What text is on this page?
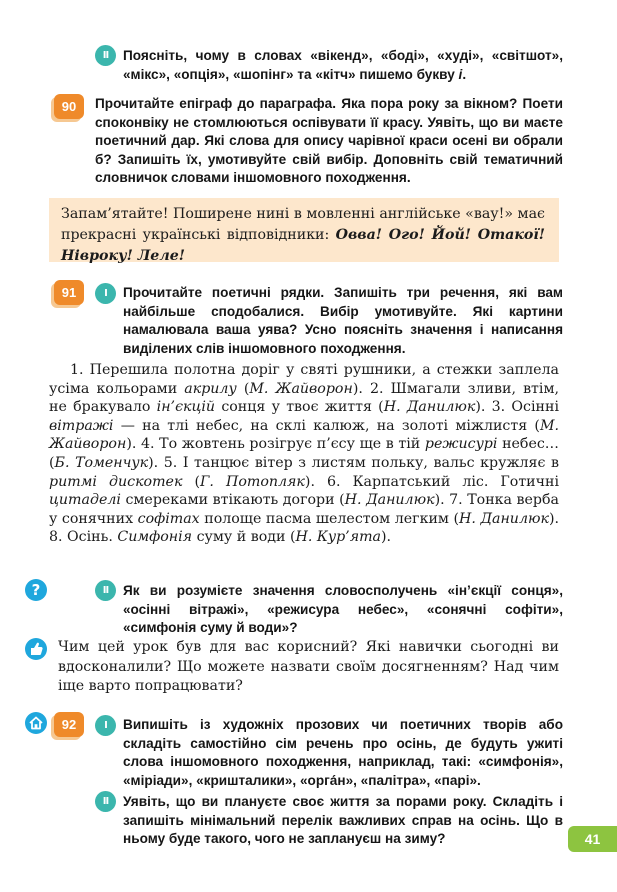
II	Поясніть, чому в словах «вікенд», «боді», «худі», «світшот», «мікс», «опція», «шопінг» та «кітч» пишемо букву і.
90	Прочитайте епіграф до параграфа. Яка пора року за вікном? Поети споконвіку не стомлюються оспівувати її красу. Уявіть, що ви маєте поетичний дар. Які слова для опису чарівної краси осені ви обрали б? Запишіть їх, умотивуйте свій вибір. Доповніть свій тематичний словничок словами іншомовного походження.
Запам’ятайте! Поширене нині в мовленні англійське «вау!» має прекрасні українські відповідники: Овва! Ого! Йой! Отакої! Нівроку! Леле!
91	I	Прочитайте поетичні рядки. Запишіть три речення, які вам найбільше сподобалися. Вибір умотивуйте. Які картини намалювала ваша уява? Усно поясніть значення і написання виділених слів іншомовного походження.
1. Перешила полотна доріг у святі рушники, а стежки заплела усіма кольорами акрилу (М. Жайворон). 2. Шмагали зливи, втім, не бракувало ін’єкцій сонця у твоє життя (Н. Данилюк). 3. Осінні вітражі — на тлі небес, на склі калюж, на золоті міжлистя (М. Жайворон). 4. То жовтень розігрує п’єсу ще в тій режисурі небес… (Б. Томенчук). 5. І танцює вітер з листям польку, вальс кружляє в ритмі дискотек (Г. Потопляк). 6. Карпатський ліс. Готичні цитаделі смереками втікають догори (Н. Данилюк). 7. Тонка верба у сонячних софітах полоще пасма шелестом легким (Н. Данилюк). 8. Осінь. Симфонія суму й води (Н. Кур’ята).
?	II	Як ви розумієте значення словосполучень «ін’єкції сонця», «осінні вітражі», «режисура небес», «сонячні софіти», «симфонія суму й води»?
Чим цей урок був для вас корисний? Які навички сьогодні ви вдосконалили? Що можете назвати своїм досягненням? Над чим іще варто попрацювати?
92	I	Випишіть із художніх прозових чи поетичних творів або складіть самостійно сім речень про осінь, де будуть ужиті слова іншомовного походження, наприклад, такі: «симфонія», «міріади», «кришталики», «орга́н», «палітра», «парі».
II	Уявіть, що ви плануєте своє життя за порами року. Складіть і запишіть мінімальний перелік важливих справ на осінь. Що в ньому буде такого, чого не заплануєш на зиму?	41
